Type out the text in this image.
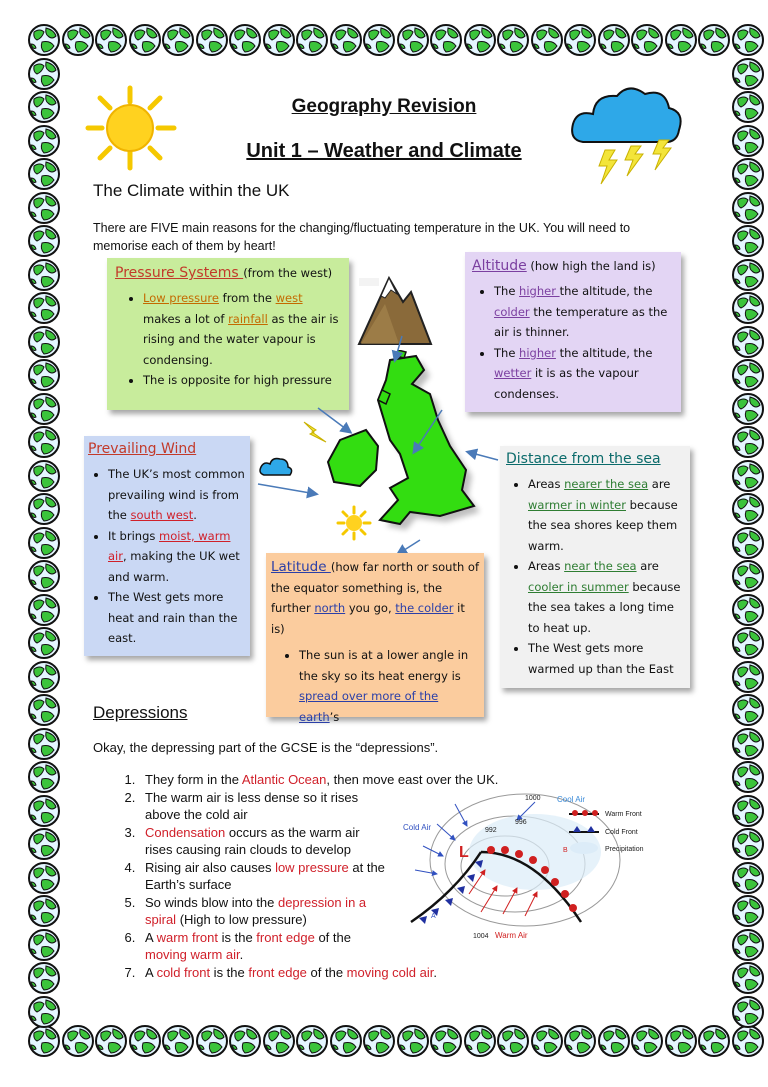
Geography Revision
Unit 1 – Weather and Climate
The Climate within the UK
There are FIVE main reasons for the changing/fluctuating temperature in the UK. You will need to memorise each of them by heart!
Pressure Systems (from the west)
• Low pressure from the west makes a lot of rainfall as the air is rising and the water vapour is condensing.
• The is opposite for high pressure
Altitude (how high the land is)
• The higher the altitude, the colder the temperature as the air is thinner.
• The higher the altitude, the wetter it is as the vapour condenses.
Prevailing Wind
• The UK’s most common prevailing wind is from the south west.
• It brings moist, warm air, making the UK wet and warm.
• The West gets more heat and rain than the east.
Latitude (how far north or south of the equator something is, the further north you go, the colder it is)
• The sun is at a lower angle in the sky so its heat energy is spread over more of the earth’s
Distance from the sea
• Areas nearer the sea are warmer in winter because the sea shores keep them warm.
• Areas near the sea are cooler in summer because the sea takes a long time to heat up.
• The West gets more warmed up than the East
Depressions
Okay, the depressing part of the GCSE is the “depressions”.
1. They form in the Atlantic Ocean, then move east over the UK.
2. The warm air is less dense so it rises above the cold air
3. Condensation occurs as the warm air rises causing rain clouds to develop
4. Rising air also causes low pressure at the Earth’s surface
5. So winds blow into the depression in a spiral (High to low pressure)
6. A warm front is the front edge of the moving warm air.
7. A cold front is the front edge of the moving cold air.
L
1000
992
996
1004
Cold Air
Cool Air
Warm Air
A
B
Warm Front
Cold Front
Precipitation
